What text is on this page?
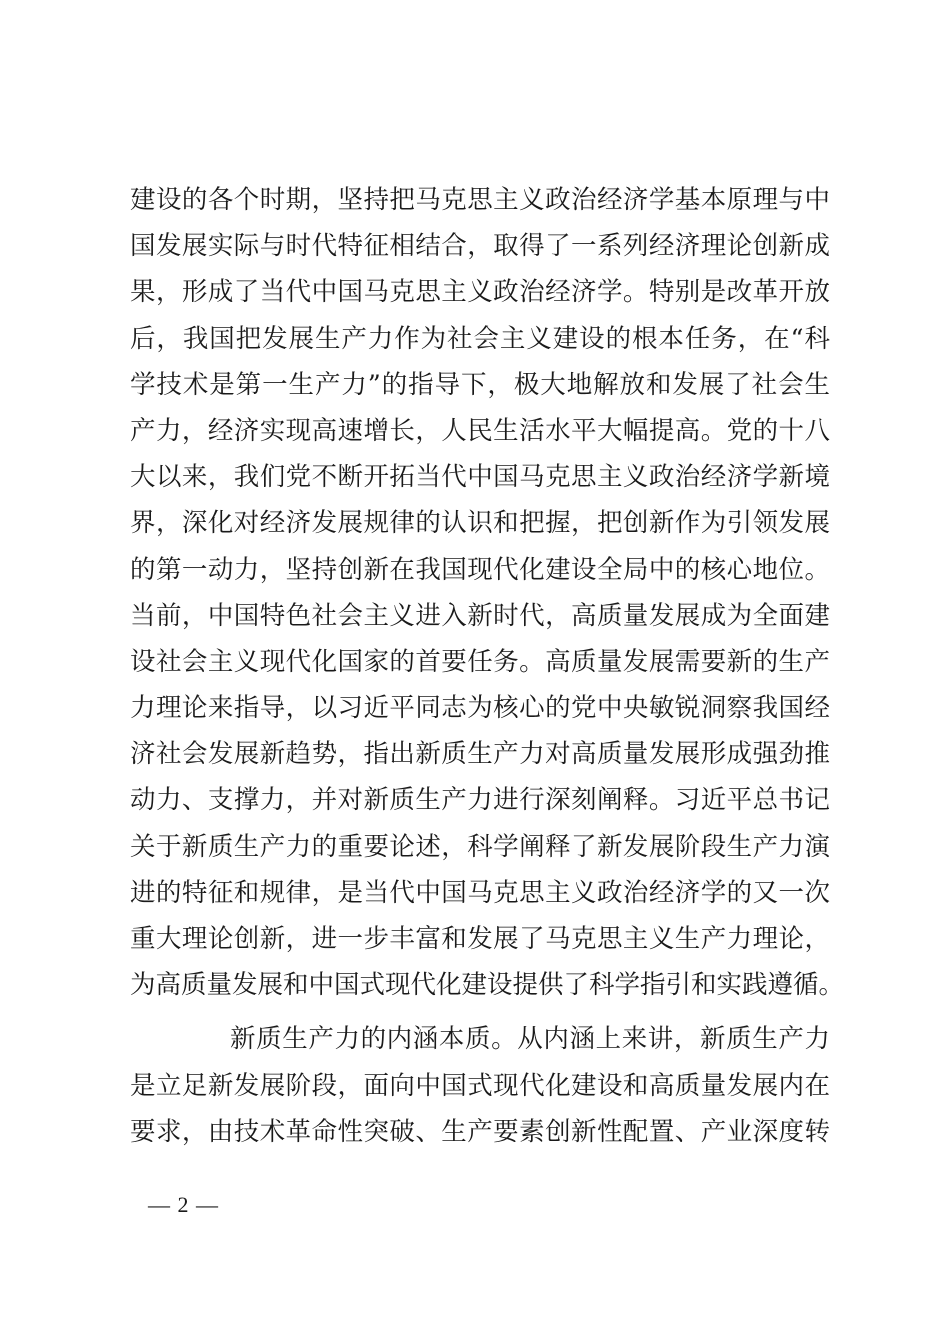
建设的各个时期，坚持把马克思主义政治经济学基本原理与中
国发展实际与时代特征相结合，取得了一系列经济理论创新成
果，形成了当代中国马克思主义政治经济学。特别是改革开放
后，我国把发展生产力作为社会主义建设的根本任务，在“科
学技术是第一生产力”的指导下，极大地解放和发展了社会生
产力，经济实现高速增长，人民生活水平大幅提高。党的十八
大以来，我们党不断开拓当代中国马克思主义政治经济学新境
界，深化对经济发展规律的认识和把握，把创新作为引领发展
的第一动力，坚持创新在我国现代化建设全局中的核心地位。
当前，中国特色社会主义进入新时代，高质量发展成为全面建
设社会主义现代化国家的首要任务。高质量发展需要新的生产
力理论来指导，以习近平同志为核心的党中央敏锐洞察我国经
济社会发展新趋势，指出新质生产力对高质量发展形成强劲推
动力、支撑力，并对新质生产力进行深刻阐释。习近平总书记
关于新质生产力的重要论述，科学阐释了新发展阶段生产力演
进的特征和规律，是当代中国马克思主义政治经济学的又一次
重大理论创新，进一步丰富和发展了马克思主义生产力理论，
为高质量发展和中国式现代化建设提供了科学指引和实践遵循。
新质生产力的内涵本质。从内涵上来讲，新质生产力
是立足新发展阶段，面向中国式现代化建设和高质量发展内在
要求，由技术革命性突破、生产要素创新性配置、产业深度转
— 2 —
